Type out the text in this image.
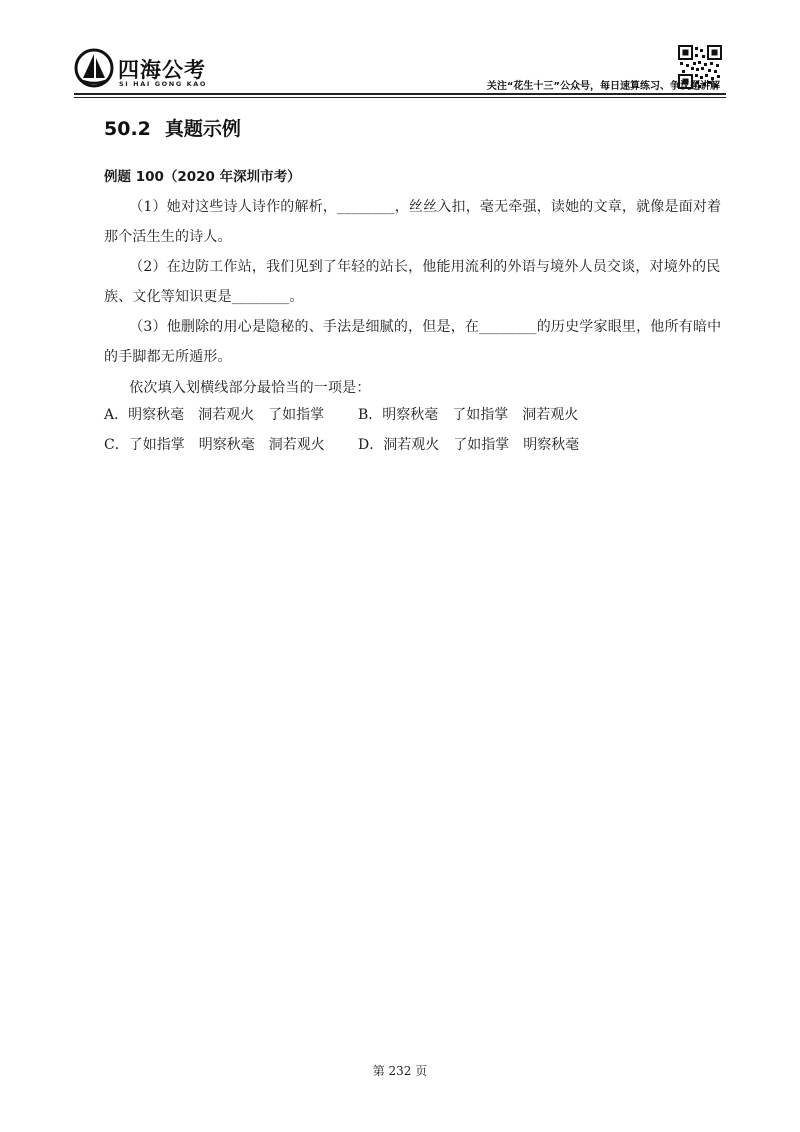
四海公考
SI HAI GONG KAO	关注“花生十三”公众号，每日速算练习、争议题讲解
50.2 真题示例
例题 100（2020 年深圳市考）
（1）她对这些诗人诗作的解析，________，丝丝入扣，毫无牵强，读她的文章，就像是面对着那个活生生的诗人。
（2）在边防工作站，我们见到了年轻的站长，他能用流利的外语与境外人员交谈，对境外的民族、文化等知识更是________。
（3）他删除的用心是隐秘的、手法是细腻的，但是，在________的历史学家眼里，他所有暗中的手脚都无所遁形。
依次填入划横线部分最恰当的一项是：
A．明察秋毫　洞若观火　了如指掌 B．明察秋毫　了如指掌　洞若观火
C．了如指掌　明察秋毫　洞若观火 D．洞若观火　了如指掌　明察秋毫
第 232 页
